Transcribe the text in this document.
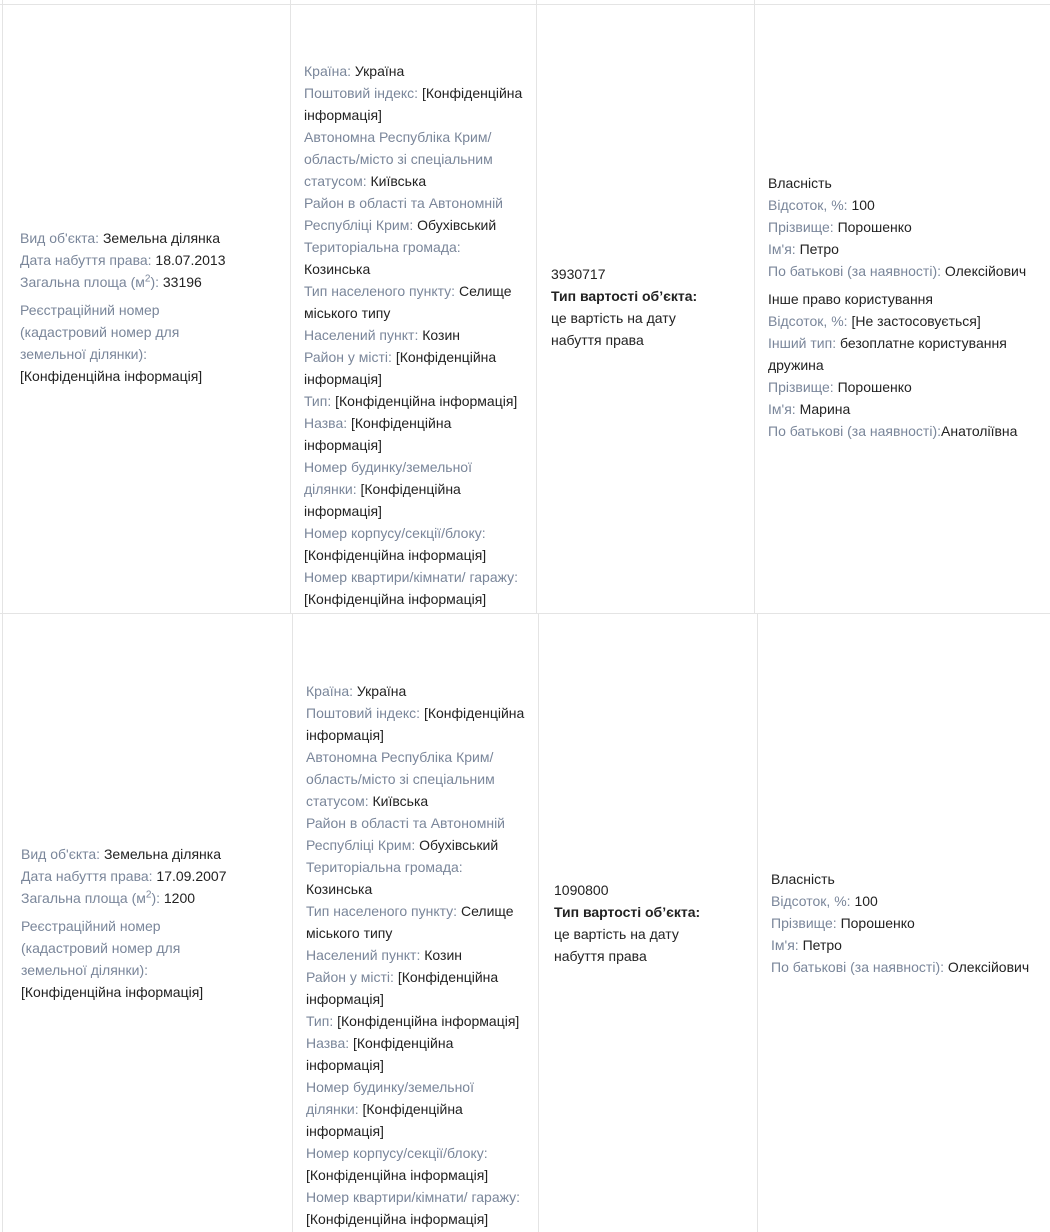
Вид об'єкта: Земельна ділянка
Дата набуття права: 18.07.2013
Загальна площа $(м^2)$: 33196
Реєстраційний номер (кадастровий номер для земельної ділянки): [Конфіденційна інформація]
Країна: Україна
Поштовий індекс: [Конфіденційна інформація]
Автономна Республіка Крим/ область/місто зі спеціальним статусом: Київська
Район в області та Автономній Республіці Крим: Обухівський
Територіальна громада:
Козинська
Тип населеного пункту: Селище міського типу
Населений пункт: Козин
Район у місті: [Конфіденційна інформація]
Тип: [Конфіденційна інформація]
Назва: [Конфіденційна інформація]
Номер будинку/земельної ділянки: [Конфіденційна інформація]
Номер корпусу/секції/блоку:
[Конфіденційна інформація]
Номер квартири/кімнати/ гаражу: [Конфіденційна інформація]
3930717
Тип вартості об’єкта:
це вартість на дату набуття права
Власність
Відсоток, %: 100
Прізвище: Порошенко
Ім'я: Петро
По батькові (за наявності): Олексійович
Інше право користування
Відсоток, %: [Не застосовується]
Інший тип: безоплатне користування дружина
Прізвище: Порошенко
Ім'я: Марина
По батькові (за наявності):Анатоліївна
Вид об'єкта: Земельна ділянка
Дата набуття права: 17.09.2007
Загальна площа $(м^2)$: 1200
Реєстраційний номер (кадастровий номер для земельної ділянки): [Конфіденційна інформація]
Країна: Україна
Поштовий індекс: [Конфіденційна інформація]
Автономна Республіка Крим/ область/місто зі спеціальним статусом: Київська
Район в області та Автономній Республіці Крим: Обухівський
Територіальна громада:
Козинська
Тип населеного пункту: Селище міського типу
Населений пункт: Козин
Район у місті: [Конфіденційна інформація]
Тип: [Конфіденційна інформація]
Назва: [Конфіденційна інформація]
Номер будинку/земельної ділянки: [Конфіденційна інформація]
Номер корпусу/секції/блоку:
[Конфіденційна інформація]
Номер квартири/кімнати/ гаражу: [Конфіденційна інформація]
1090800
Тип вартості об’єкта:
це вартість на дату набуття права
Власність
Відсоток, %: 100
Прізвище: Порошенко
Ім'я: Петро
По батькові (за наявності): Олексійович
